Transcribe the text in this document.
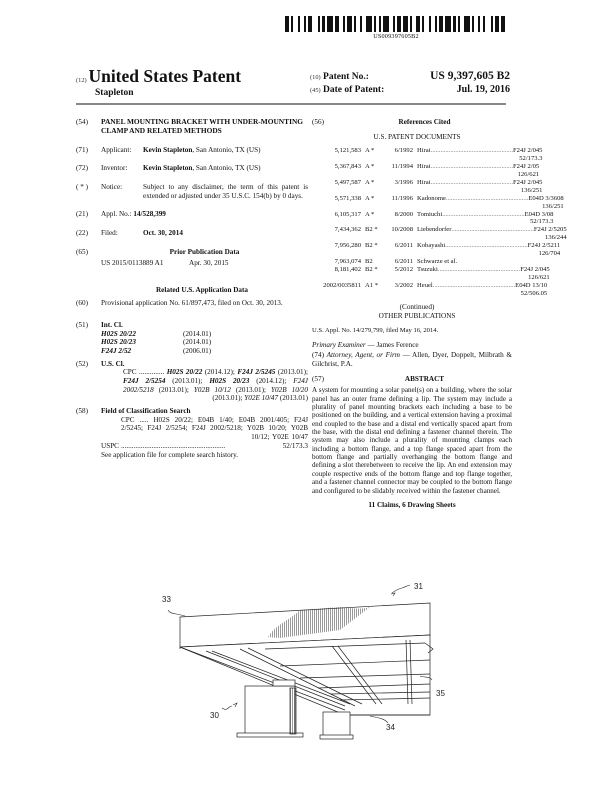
US009397605B2
(12) United States Patent
Stapleton
(10) Patent No.:	US 9,397,605 B2
(45) Date of Patent:	Jul. 19, 2016
(54)	PANEL MOUNTING BRACKET WITH UNDER-MOUNTING CLAMP AND RELATED METHODS
(71)	Applicant:	Kevin Stapleton, San Antonio, TX (US)
(72)	Inventor:	Kevin Stapleton, San Antonio, TX (US)
( * )	Notice:	Subject to any disclaimer, the term of this patent is extended or adjusted under 35 U.S.C. 154(b) by 0 days.
(21)	Appl. No.: 14/528,399
(22)	Filed:	Oct. 30, 2014
(65)	Prior Publication Data
US 2015/0113889 A1	Apr. 30, 2015
Related U.S. Application Data
(60)	Provisional application No. 61/897,473, filed on Oct. 30, 2013.
(51)	Int. Cl.
H02S 20/22	(2014.01)
H02S 20/23	(2014.01)
F24J 2/52	(2006.01)
(52)	U.S. Cl.
CPC .............. H02S 20/22 (2014.12); F24J 2/5245 (2013.01); F24J 2/5254 (2013.01); H02S 20/23 (2014.12); F24J 2002/5218 (2013.01); Y02B 10/12 (2013.01); Y02B 10/20 (2013.01); Y02E 10/47 (2013.01)
(58)	Field of Classification Search
CPC ..... H02S 20/22; E04B 1/40; E04B 2001/405; F24J 2/5245; F24J 2/5254; F24J 2002/5218; Y02B 10/20; Y02B 10/12; Y02E 10/47
USPC ..........................................................	52/173.3
See application file for complete search history.
(56)	References Cited
U.S. PATENT DOCUMENTS
5,121,583 A *	6/1992 Hirai .................................................. F24J 2/045
52/173.3
5,367,843 A *	11/1994 Hirai .................................................. F24J 2/05
126/621
5,497,587 A *	3/1996 Hirai .................................................. F24J 2/045
136/251
5,571,338 A *	11/1996 Kadonome .................................................. E04D 3/3608
136/251
6,105,317 A *	8/2000 Tomiuchi .................................................. E04D 3/08
52/173.3
7,434,362 B2 *	10/2008 Liebendorfer .................................................. F24J 2/5205
136/244
7,956,280 B2 *	6/2011 Kobayashi .................................................. F24J 2/5211
126/704
7,963,074 B2	6/2011 Schwarze et al.
8,181,402 B2 *	5/2012 Tsuzuki .................................................. F24J 2/045
126/621
2002/0035811 A1 *	3/2002 Heuel .................................................. E04D 13/10
52/506.05
(Continued)
OTHER PUBLICATIONS
U.S. Appl. No. 14/279,799, filed May 16, 2014.
Primary Examiner — James Ference
(74) Attorney, Agent, or Firm — Allen, Dyer, Doppelt, Milbrath & Gilchrist, P.A.
(57)	ABSTRACT
A system for mounting a solar panel(s) on a building, where the solar panel has an outer frame defining a lip. The system may include a plurality of panel mounting brackets each including a base to be positioned on the building, and a vertical extension having a proximal end coupled to the base and a distal end vertically spaced apart from the base, with the distal end defining a fastener channel therein. The system may also include a plurality of mounting clamps each including a bottom flange, and a top flange spaced apart from the bottom flange and partially overhanging the bottom flange and defining a slot therebetween to receive the lip. An end extension may couple respective ends of the bottom flange and top flange together, and a fastener channel connector may be coupled to the bottom flange and configured to be slidably received within the fastener channel.
11 Claims, 6 Drawing Sheets
31
33
35
30
34
